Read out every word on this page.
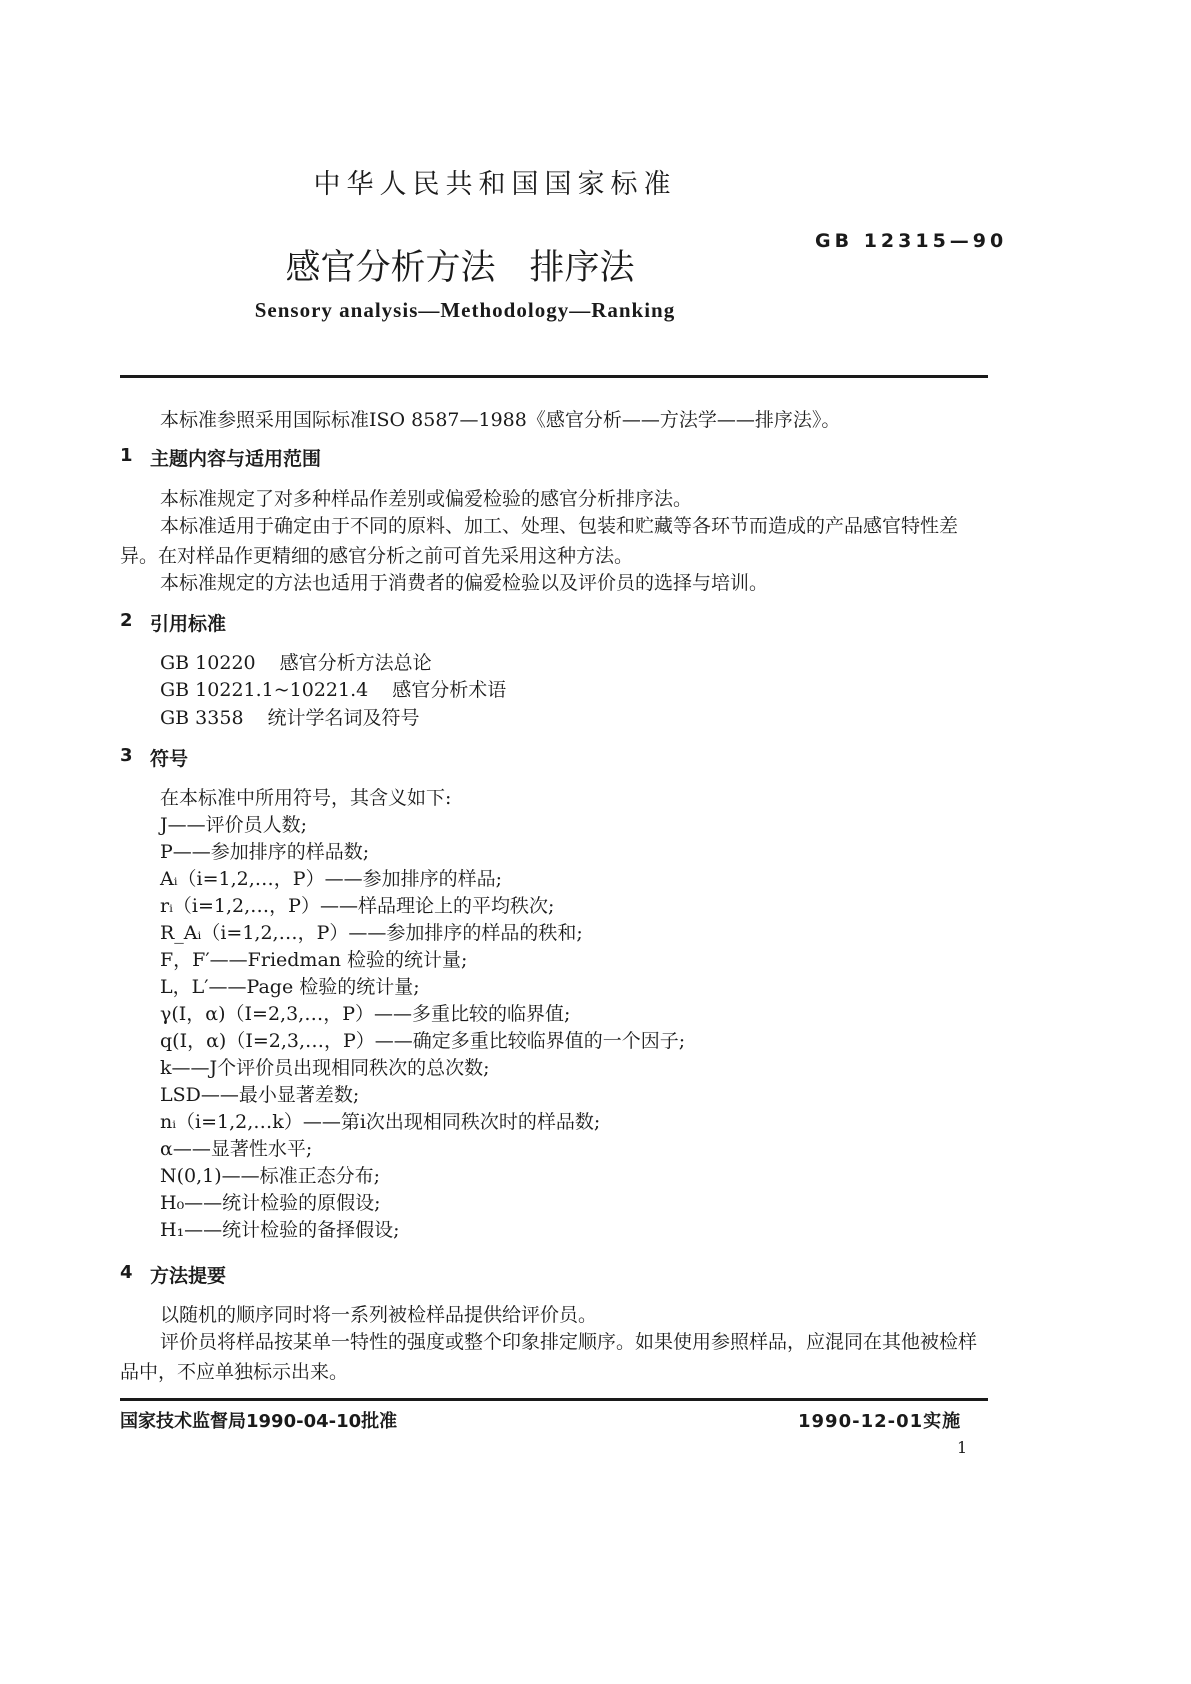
中华人民共和国国家标准
GB 12315—90
感官分析方法 排序法
Sensory analysis—Methodology—Ranking
本标准参照采用国际标准ISO 8587—1988《感官分析——方法学——排序法》。
1 主题内容与适用范围
本标准规定了对多种样品作差别或偏爱检验的感官分析排序法。
本标准适用于确定由于不同的原料、加工、处理、包装和贮藏等各环节而造成的产品感官特性差异。在对样品作更精细的感官分析之前可首先采用这种方法。
本标准规定的方法也适用于消费者的偏爱检验以及评价员的选择与培训。
2 引用标准
GB 10220 感官分析方法总论
GB 10221.1~10221.4 感官分析术语
GB 3358 统计学名词及符号
3 符号
在本标准中所用符号，其含义如下:
J——评价员人数;
P——参加排序的样品数;
Aᵢ（i=1,2,…，P）——参加排序的样品;
rᵢ（i=1,2,…，P）——样品理论上的平均秩次;
R_Aᵢ（i=1,2,…，P）——参加排序的样品的秩和;
F，F′——Friedman 检验的统计量;
L，L′——Page 检验的统计量;
γ(I，α)（I=2,3,…，P）——多重比较的临界值;
q(I，α)（I=2,3,…，P）——确定多重比较临界值的一个因子;
k——J个评价员出现相同秩次的总次数;
LSD——最小显著差数;
nᵢ（i=1,2,…k）——第i次出现相同秩次时的样品数;
α——显著性水平;
N(0,1)——标准正态分布;
H₀——统计检验的原假设;
H₁——统计检验的备择假设;
4 方法提要
以随机的顺序同时将一系列被检样品提供给评价员。
评价员将样品按某单一特性的强度或整个印象排定顺序。如果使用参照样品，应混同在其他被检样品中，不应单独标示出来。
国家技术监督局1990-04-10批准	1990-12-01实施
1
